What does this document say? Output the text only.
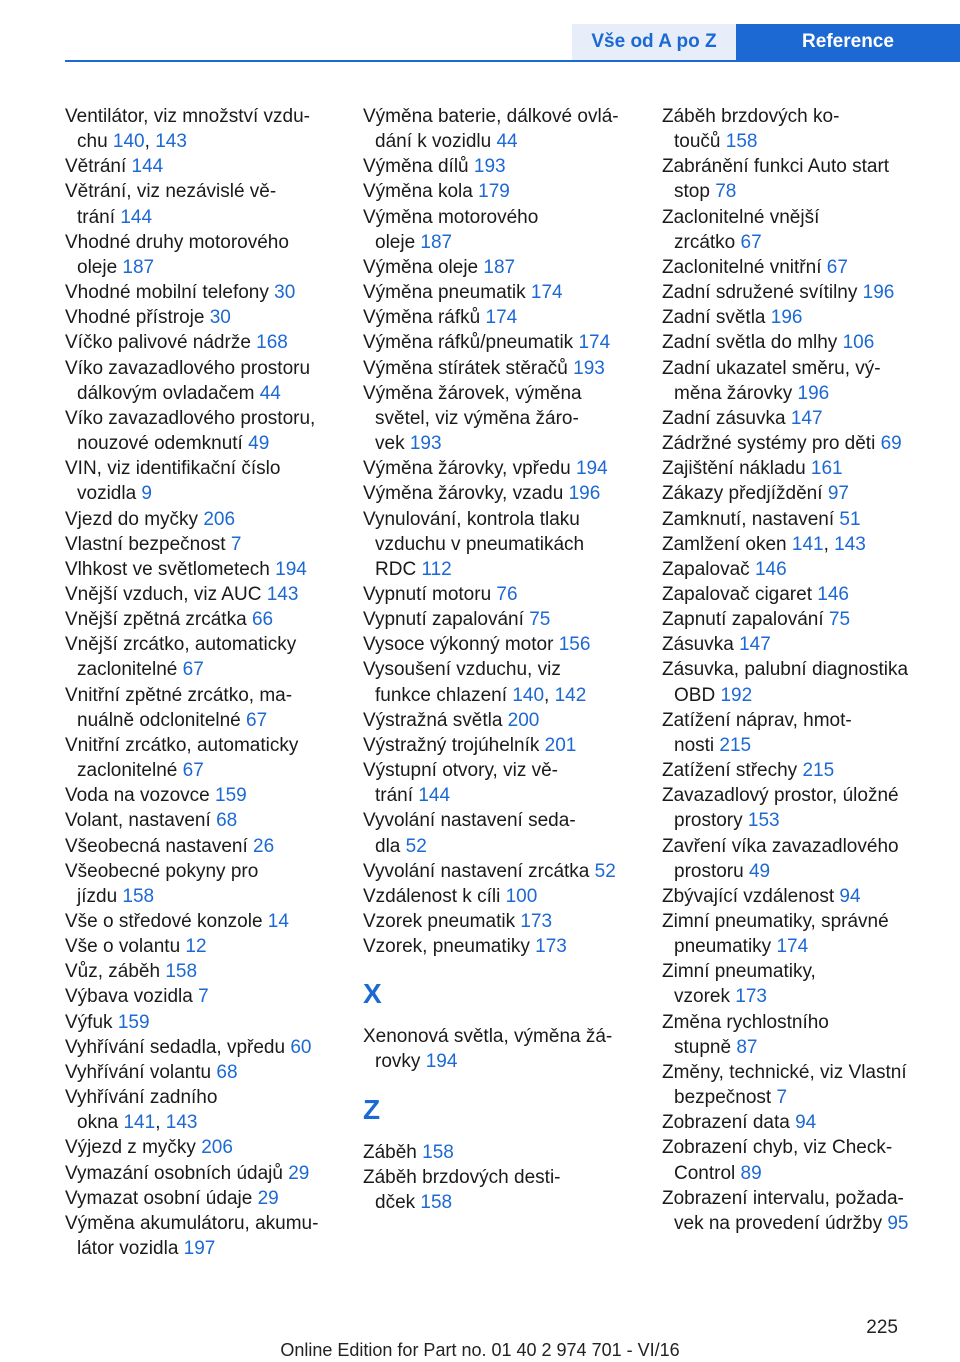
Vše od A po Z	Reference
Ventilátor, viz množství vzdu-
chu 140, 143
Větrání 144
Větrání, viz nezávislé vě-
trání 144
Vhodné druhy motorového
oleje 187
Vhodné mobilní telefony 30
Vhodné přístroje 30
Víčko palivové nádrže 168
Víko zavazadlového prostoru
dálkovým ovladačem 44
Víko zavazadlového prostoru,
nouzové odemknutí 49
VIN, viz identifikační číslo
vozidla 9
Vjezd do myčky 206
Vlastní bezpečnost 7
Vlhkost ve světlometech 194
Vnější vzduch, viz AUC 143
Vnější zpětná zrcátka 66
Vnější zrcátko, automaticky
zaclonitelné 67
Vnitřní zpětné zrcátko, ma-
nuálně odclonitelné 67
Vnitřní zrcátko, automaticky
zaclonitelné 67
Voda na vozovce 159
Volant, nastavení 68
Všeobecná nastavení 26
Všeobecné pokyny pro
jízdu 158
Vše o středové konzole 14
Vše o volantu 12
Vůz, záběh 158
Výbava vozidla 7
Výfuk 159
Vyhřívání sedadla, vpředu 60
Vyhřívání volantu 68
Vyhřívání zadního
okna 141, 143
Výjezd z myčky 206
Vymazání osobních údajů 29
Vymazat osobní údaje 29
Výměna akumulátoru, akumu-
látor vozidla 197
Výměna baterie, dálkové ovlá-
dání k vozidlu 44
Výměna dílů 193
Výměna kola 179
Výměna motorového
oleje 187
Výměna oleje 187
Výměna pneumatik 174
Výměna ráfků 174
Výměna ráfků/pneumatik 174
Výměna stírátek stěračů 193
Výměna žárovek, výměna
světel, viz výměna žáro-
vek 193
Výměna žárovky, vpředu 194
Výměna žárovky, vzadu 196
Vynulování, kontrola tlaku
vzduchu v pneumatikách
RDC 112
Vypnutí motoru 76
Vypnutí zapalování 75
Vysoce výkonný motor 156
Vysoušení vzduchu, viz
funkce chlazení 140, 142
Výstražná světla 200
Výstražný trojúhelník 201
Výstupní otvory, viz vě-
trání 144
Vyvolání nastavení seda-
dla 52
Vyvolání nastavení zrcátka 52
Vzdálenost k cíli 100
Vzorek pneumatik 173
Vzorek, pneumatiky 173
X
Xenonová světla, výměna žá-
rovky 194
Z
Záběh 158
Záběh brzdových desti-
dček 158
Záběh brzdových ko-
toučů 158
Zabránění funkci Auto start
stop 78
Zaclonitelné vnější
zrcátko 67
Zaclonitelné vnitřní 67
Zadní sdružené svítilny 196
Zadní světla 196
Zadní světla do mlhy 106
Zadní ukazatel směru, vý-
měna žárovky 196
Zadní zásuvka 147
Zádržné systémy pro děti 69
Zajištění nákladu 161
Zákazy předjíždění 97
Zamknutí, nastavení 51
Zamlžení oken 141, 143
Zapalovač 146
Zapalovač cigaret 146
Zapnutí zapalování 75
Zásuvka 147
Zásuvka, palubní diagnostika
OBD 192
Zatížení náprav, hmot-
nosti 215
Zatížení střechy 215
Zavazadlový prostor, úložné
prostory 153
Zavření víka zavazadlového
prostoru 49
Zbývající vzdálenost 94
Zimní pneumatiky, správné
pneumatiky 174
Zimní pneumatiky,
vzorek 173
Změna rychlostního
stupně 87
Změny, technické, viz Vlastní
bezpečnost 7
Zobrazení data 94
Zobrazení chyb, viz Check-
Control 89
Zobrazení intervalu, požada-
vek na provedení údržby 95
225
Online Edition for Part no. 01 40 2 974 701 - VI/16
